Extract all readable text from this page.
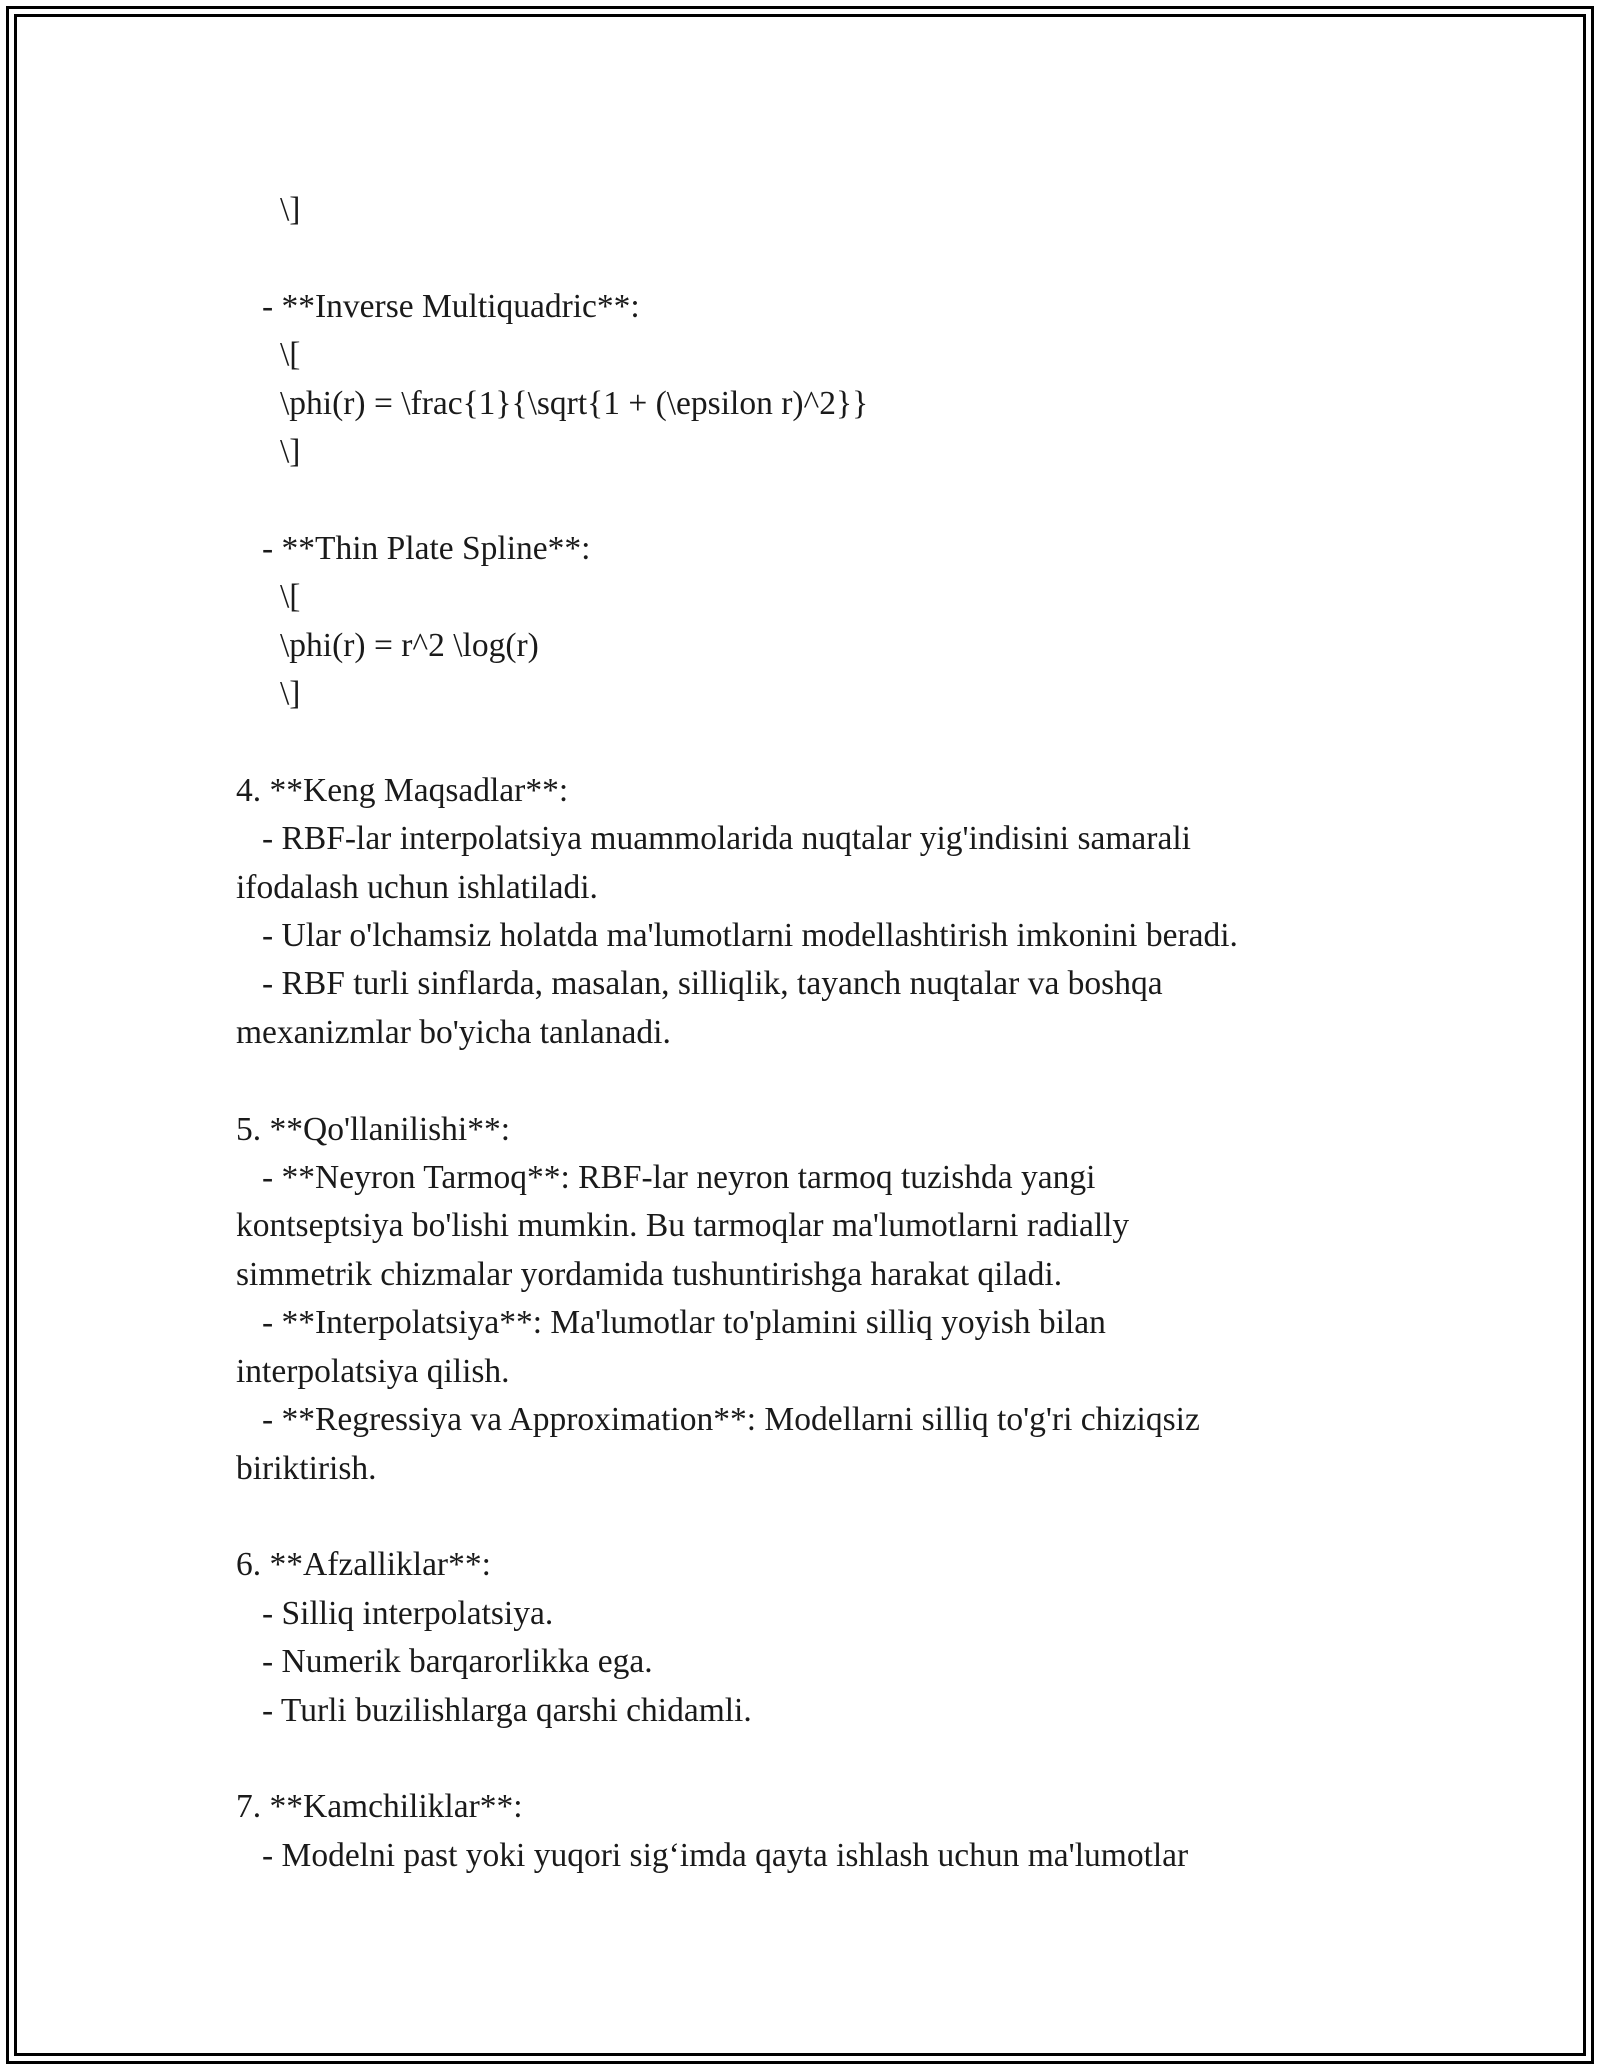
\]
- **Inverse Multiquadric**:
\[
\phi(r) = \frac{1}{\sqrt{1 + (\epsilon r)^2}}
\]
- **Thin Plate Spline**:
\[
\phi(r) = r^2 \log(r)
\]
4. **Keng Maqsadlar**:
- RBF-lar interpolatsiya muammolarida nuqtalar yig'indisini samarali
ifodalash uchun ishlatiladi.
- Ular o'lchamsiz holatda ma'lumotlarni modellashtirish imkonini beradi.
- RBF turli sinflarda, masalan, silliqlik, tayanch nuqtalar va boshqa
mexanizmlar bo'yicha tanlanadi.
5. **Qo'llanilishi**:
- **Neyron Tarmoq**: RBF-lar neyron tarmoq tuzishda yangi
kontseptsiya bo'lishi mumkin. Bu tarmoqlar ma'lumotlarni radially
simmetrik chizmalar yordamida tushuntirishga harakat qiladi.
- **Interpolatsiya**: Ma'lumotlar to'plamini silliq yoyish bilan
interpolatsiya qilish.
- **Regressiya va Approximation**: Modellarni silliq to'g'ri chiziqsiz
biriktirish.
6. **Afzalliklar**:
- Silliq interpolatsiya.
- Numerik barqarorlikka ega.
- Turli buzilishlarga qarshi chidamli.
7. **Kamchiliklar**:
- Modelni past yoki yuqori sig‘imda qayta ishlash uchun ma'lumotlar
